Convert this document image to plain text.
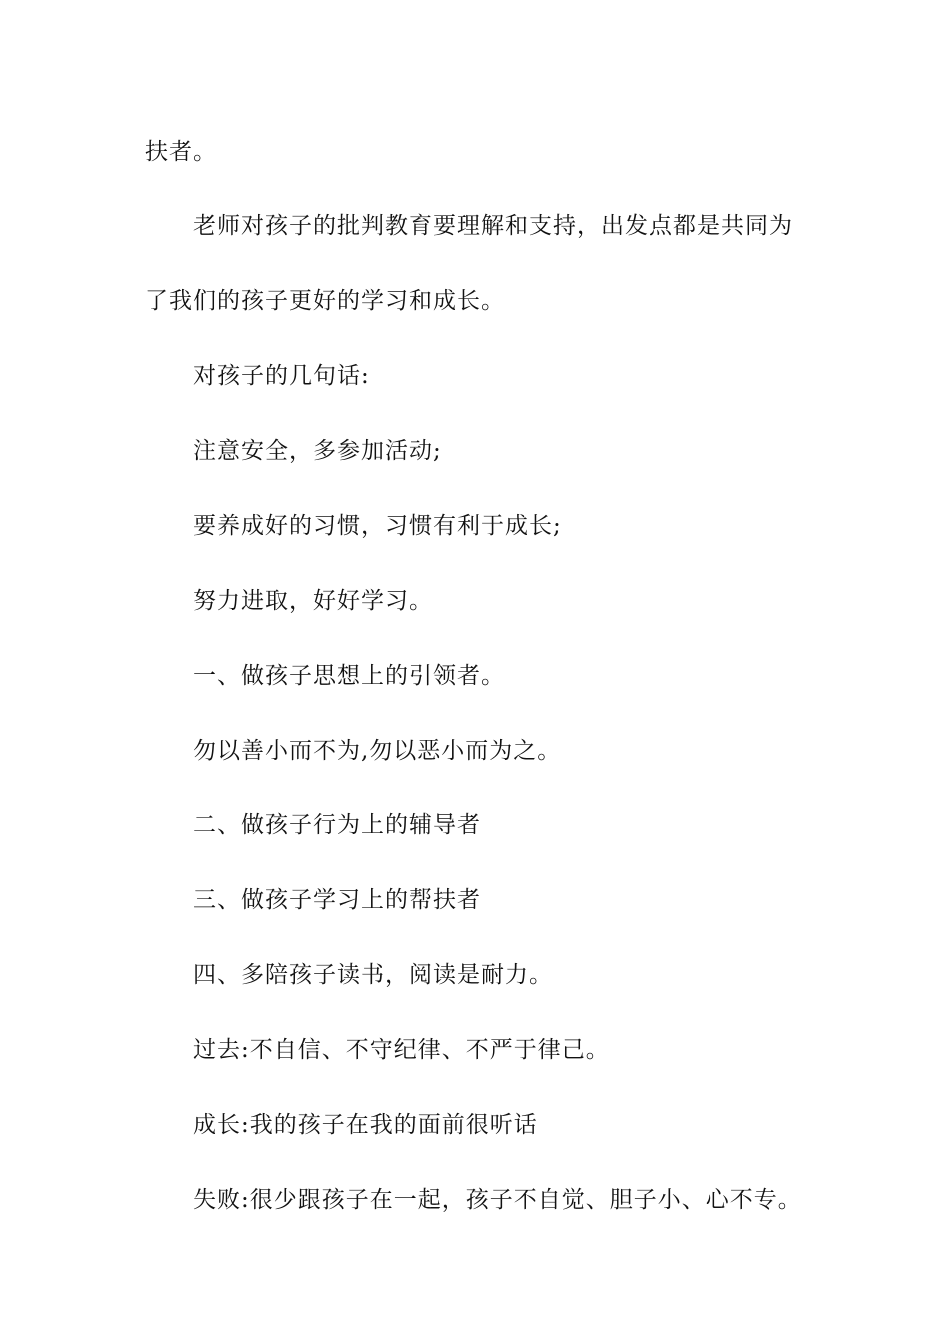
扶者。
老师对孩子的批判教育要理解和支持，出发点都是共同为
了我们的孩子更好的学习和成长。
对孩子的几句话:
注意安全，多参加活动;
要养成好的习惯，习惯有利于成长;
努力进取，好好学习。
一、做孩子思想上的引领者。
勿以善小而不为,勿以恶小而为之。
二、做孩子行为上的辅导者
三、做孩子学习上的帮扶者
四、多陪孩子读书，阅读是耐力。
过去:不自信、不守纪律、不严于律己。
成长:我的孩子在我的面前很听话
失败:很少跟孩子在一起，孩子不自觉、胆子小、心不专。
